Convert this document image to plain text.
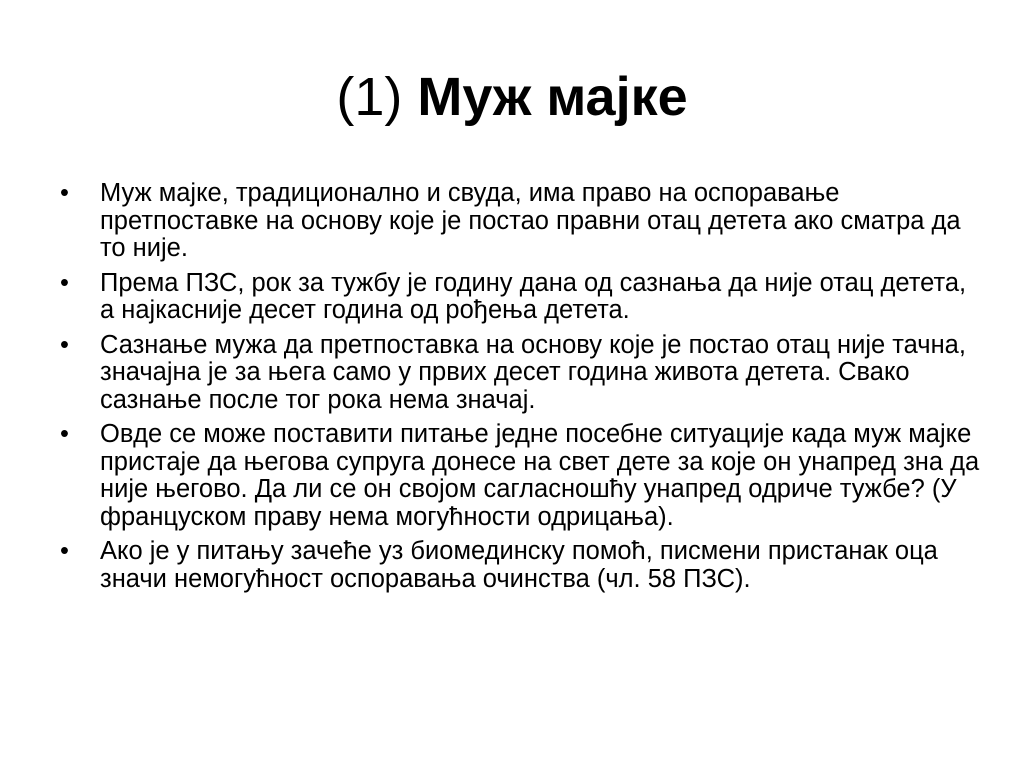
(1) Муж мајке
•	Муж мајке, традиционално и свуда, има право на оспоравање претпоставке на основу које је постао правни отац детета ако сматра да то није.
•	Према ПЗС, рок за тужбу је годину дана од сазнања да није отац детета, а најкасније десет година од рођења детета.
•	Сазнање мужа да претпоставка на основу које је постао отац није тачна, значајна је за њега само у првих десет година живота детета. Свако сазнање после тог рока нема значај.
•	Овде се може поставити питање једне посебне ситуације када муж мајке пристаје да његова супруга донесе на свет дете за које он унапред зна да није његово. Да ли се он својом сагласношћу унапред одриче тужбе? (У француском праву нема могућности одрицања).
•	Ако је у питању зачеће уз биомединску помоћ, писмени пристанак оца значи немогућност оспоравања очинства (чл. 58 ПЗС).
